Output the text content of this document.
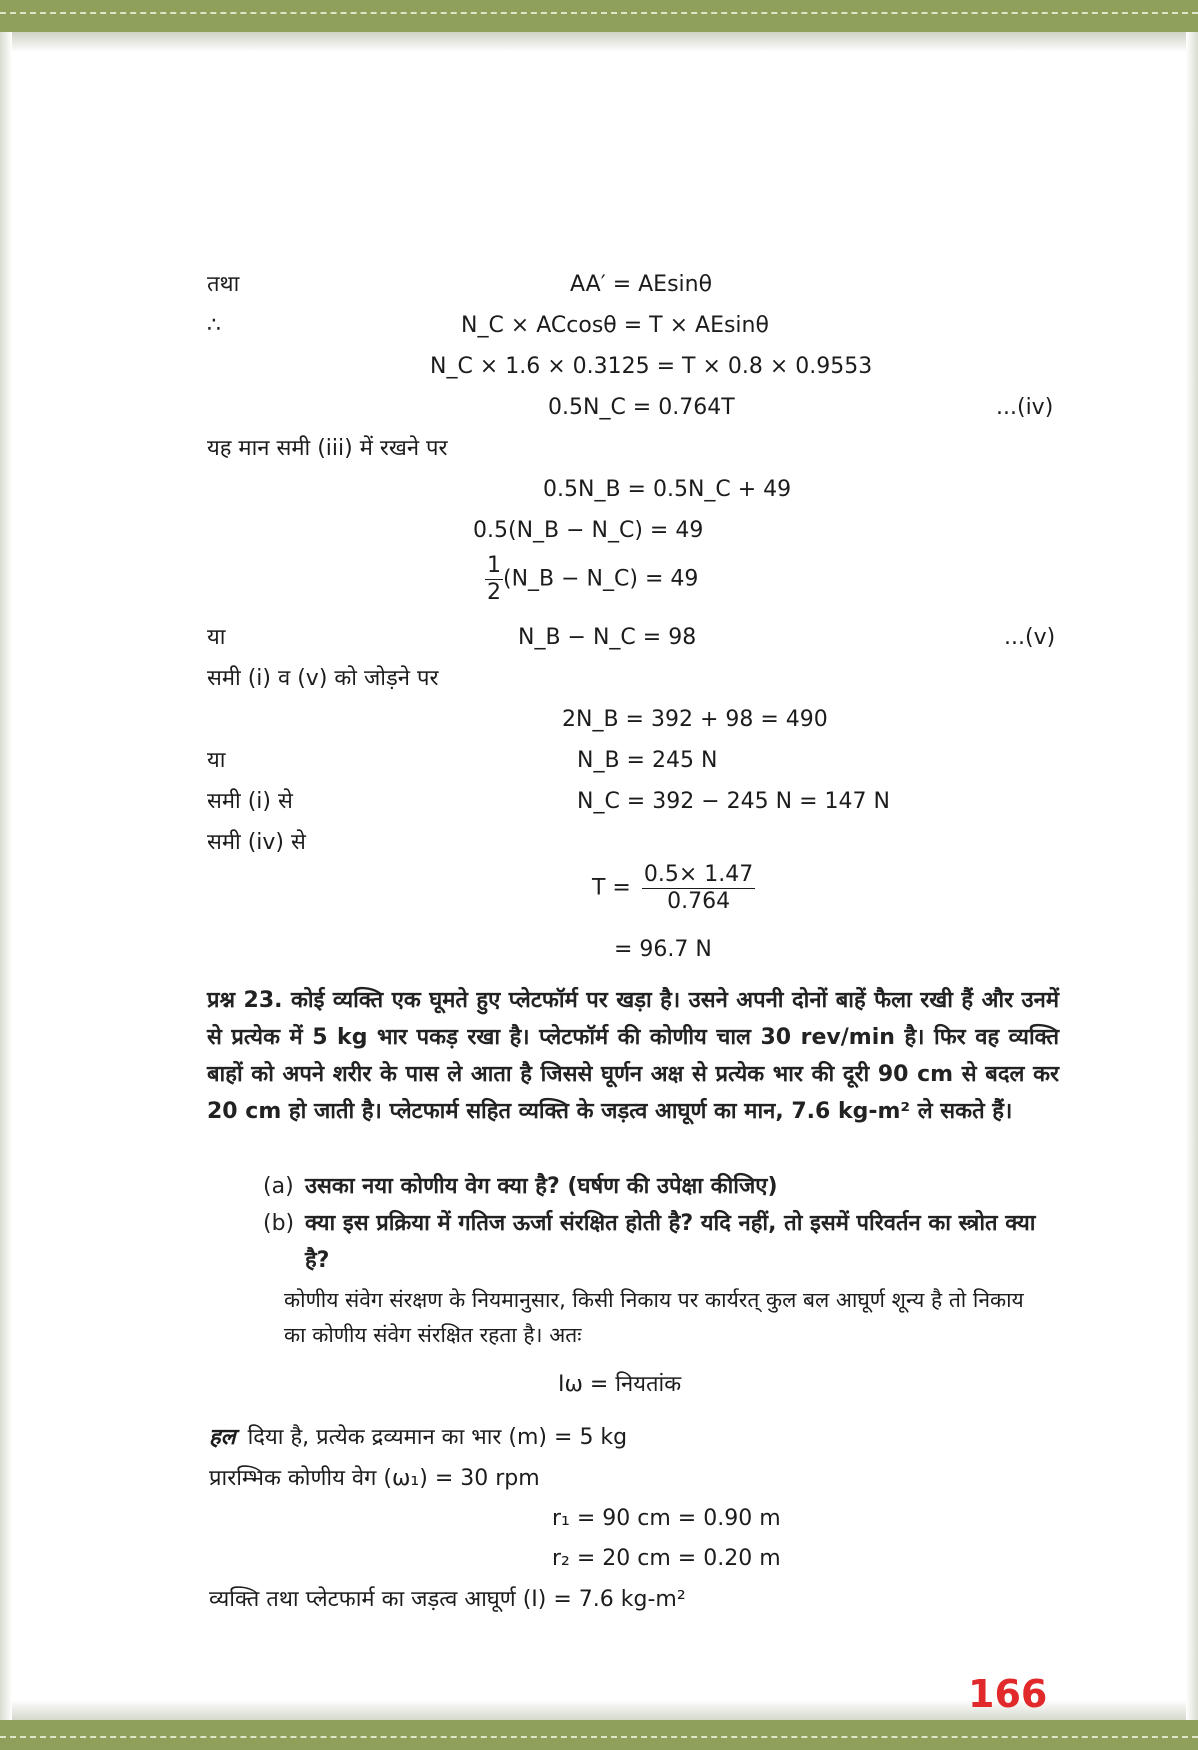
तथा	AA′ = AEsinθ
∴	N_C × ACcosθ = T × AEsinθ
N_C × 1.6 × 0.3125 = T × 0.8 × 0.9553
0.5N_C = 0.764T	...(iv)
यह मान समी (iii) में रखने पर
0.5N_B = 0.5N_C + 49
0.5(N_B − N_C) = 49
$\frac{1}{2}$ (N_B − N_C) = 49
या	N_B − N_C = 98	...(v)
समी (i) व (v) को जोड़ने पर
2N_B = 392 + 98 = 490
या	N_B = 245 N
समी (i) से	N_C = 392 − 245 N = 147 N
समी (iv) से
$T = \frac{0.5\times 1.47}{0.764}$
= 96.7 N
प्रश्न 23. कोई व्यक्ति एक घूमते हुए प्लेटफॉर्म पर खड़ा है। उसने अपनी दोनों बाहें फैला रखी हैं और उनमें से प्रत्येक में 5 kg भार पकड़ रखा है। प्लेटफॉर्म की कोणीय चाल 30 rev/min है। फिर वह व्यक्ति बाहों को अपने शरीर के पास ले आता है जिससे घूर्णन अक्ष से प्रत्येक भार की दूरी 90 cm से बदल कर 20 cm हो जाती है। प्लेटफार्म सहित व्यक्ति के जड़त्व आघूर्ण का मान, 7.6 kg-m² ले सकते हैं।
(a) उसका नया कोणीय वेग क्या है? (घर्षण की उपेक्षा कीजिए)
(b) क्या इस प्रक्रिया में गतिज ऊर्जा संरक्षित होती है? यदि नहीं, तो इसमें परिवर्तन का स्त्रोत क्या है?
कोणीय संवेग संरक्षण के नियमानुसार, किसी निकाय पर कार्यरत् कुल बल आघूर्ण शून्य है तो निकाय का कोणीय संवेग संरक्षित रहता है। अतः
Iω = नियतांक
हल दिया है, प्रत्येक द्रव्यमान का भार (m) = 5 kg
प्रारम्भिक कोणीय वेग (ω₁) = 30 rpm
r₁ = 90 cm = 0.90 m
r₂ = 20 cm = 0.20 m
व्यक्ति तथा प्लेटफार्म का जड़त्व आघूर्ण (I) = 7.6 kg-m²
166
